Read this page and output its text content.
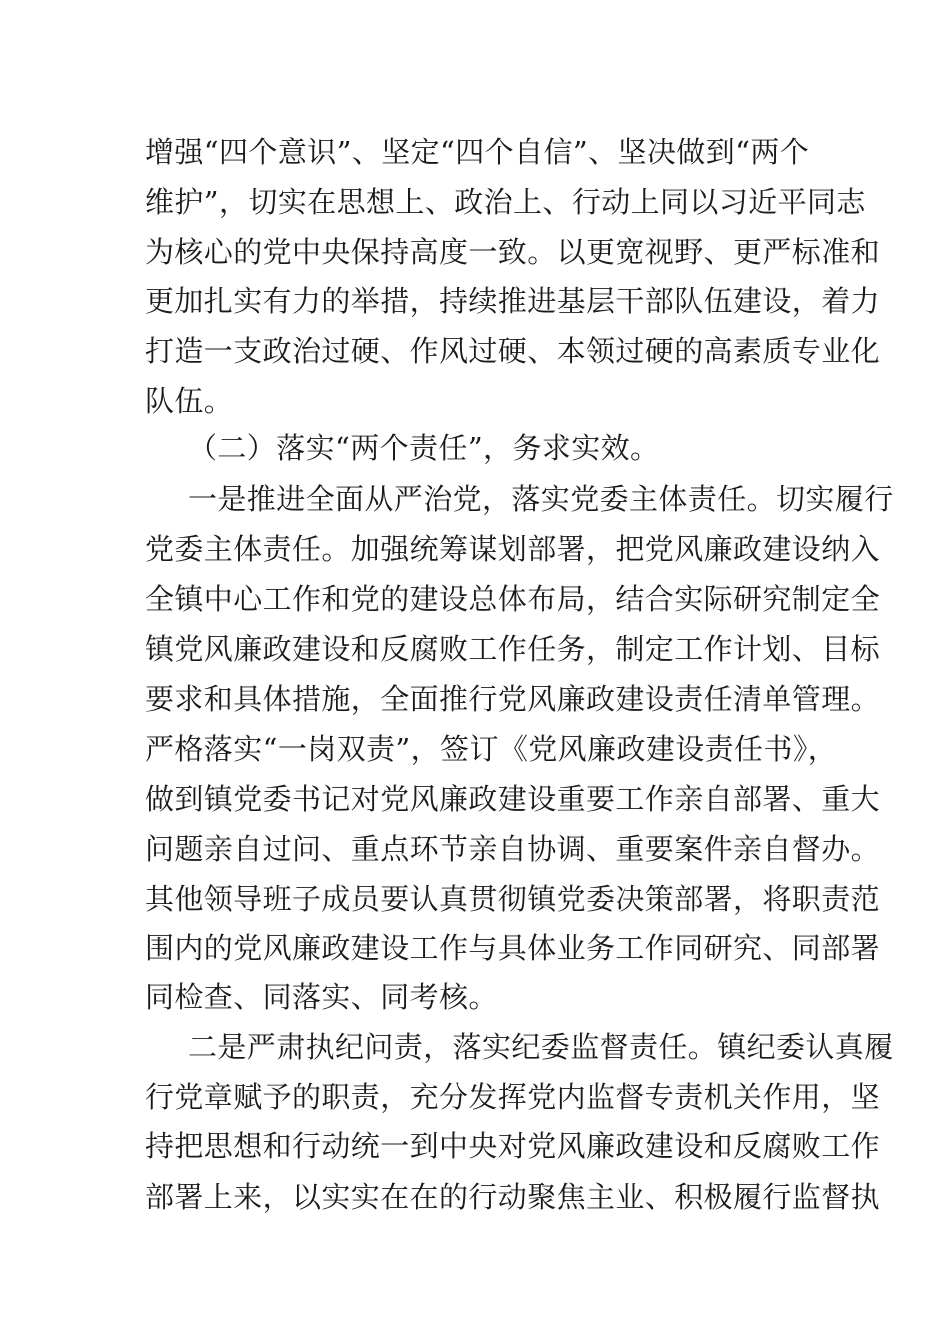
增强“四个意识”、坚定“四个自信”、坚决做到“两个
维护”，切实在思想上、政治上、行动上同以习近平同志
为核心的党中央保持高度一致。以更宽视野、更严标准和
更加扎实有力的举措，持续推进基层干部队伍建设，着力
打造一支政治过硬、作风过硬、本领过硬的高素质专业化
队伍。
（二）落实“两个责任”，务求实效。
一是推进全面从严治党，落实党委主体责任。切实履行
党委主体责任。加强统筹谋划部署，把党风廉政建设纳入
全镇中心工作和党的建设总体布局，结合实际研究制定全
镇党风廉政建设和反腐败工作任务，制定工作计划、目标
要求和具体措施，全面推行党风廉政建设责任清单管理。
严格落实“一岗双责”，签订《党风廉政建设责任书》，
做到镇党委书记对党风廉政建设重要工作亲自部署、重大
问题亲自过问、重点环节亲自协调、重要案件亲自督办。
其他领导班子成员要认真贯彻镇党委决策部署，将职责范
围内的党风廉政建设工作与具体业务工作同研究、同部署
同检查、同落实、同考核。
二是严肃执纪问责，落实纪委监督责任。镇纪委认真履
行党章赋予的职责，充分发挥党内监督专责机关作用，坚
持把思想和行动统一到中央对党风廉政建设和反腐败工作
部署上来，以实实在在的行动聚焦主业、积极履行监督执
